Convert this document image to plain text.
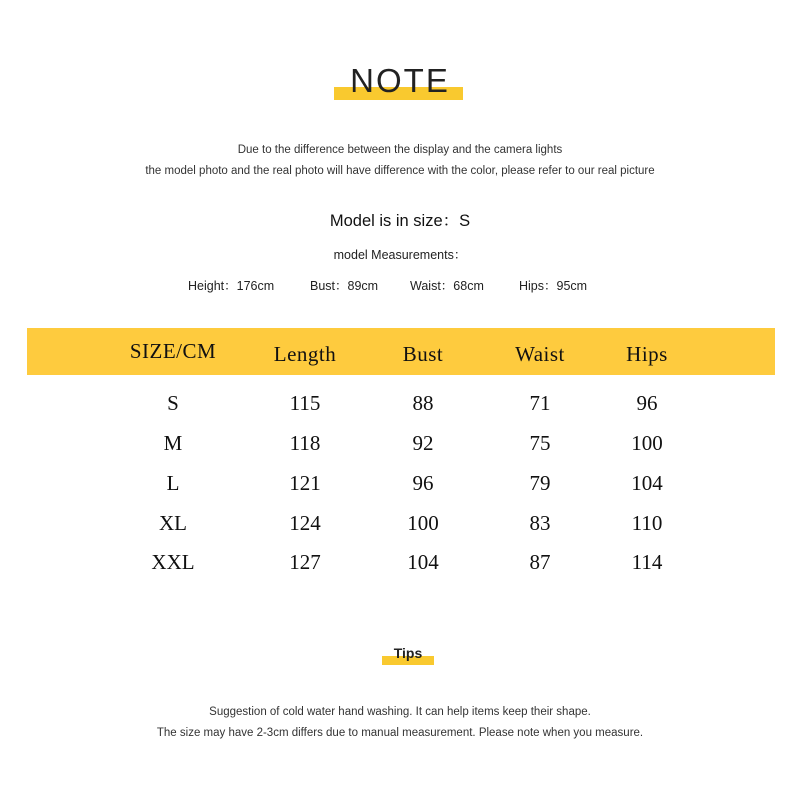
NOTE
Due to the difference between the display and the camera lights
the model photo and the real photo will have difference with the color, please refer to our real picture
Model is in size：S
model Measurements：
Height：176cm	Bust：89cm	Waist：68cm	Hips：95cm
SIZE/CM	Length	Bust	Waist	Hips
S	115	88	71	96
M	118	92	75	100
L	121	96	79	104
XL	124	100	83	110
XXL	127	104	87	114
Tips
Suggestion of cold water hand washing. It can help items keep their shape.
The size may have 2-3cm differs due to manual measurement. Please note when you measure.
